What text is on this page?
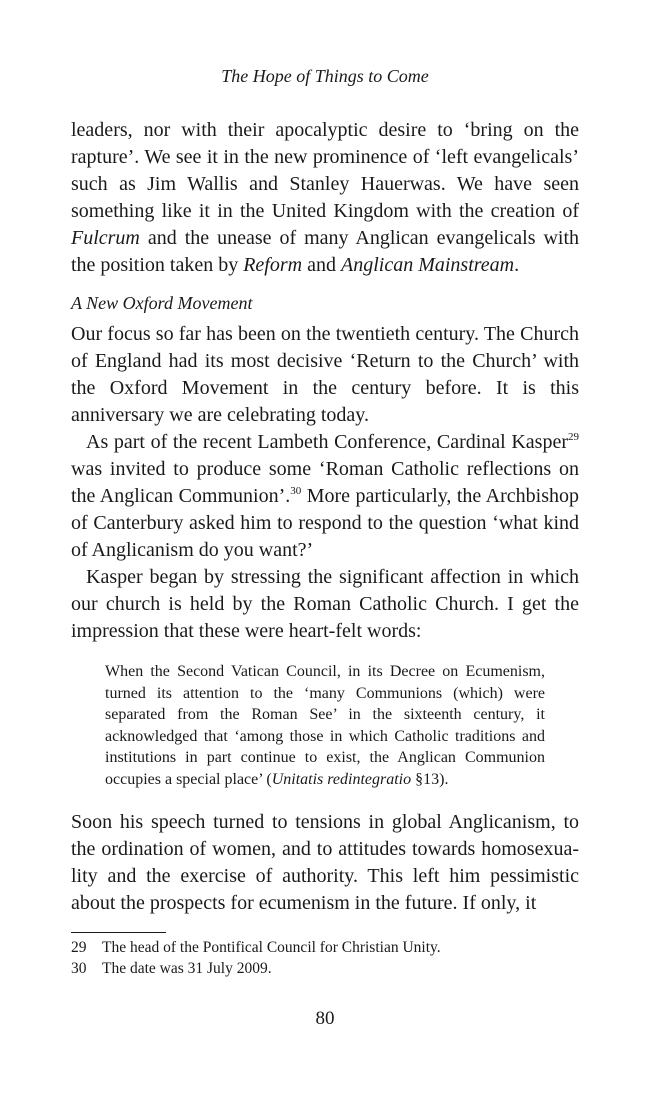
The Hope of Things to Come

leaders, nor with their apocalyptic desire to ‘bring on the rapture’. We see it in the new prominence of ‘left evangelicals’ such as Jim Wallis and Stanley Hauerwas. We have seen something like it in the United Kingdom with the creation of Fulcrum and the unease of many Anglican evangelicals with the position taken by Reform and Anglican Mainstream.

A New Oxford Movement

Our focus so far has been on the twentieth century. The Church of England had its most decisive ‘Return to the Church’ with the Oxford Movement in the century before. It is this anniversary we are celebrating today.

As part of the recent Lambeth Conference, Cardinal Kasper$^{29}$ was invited to produce some ‘Roman Catholic reflections on the Anglican Communion’.$^{30}$ More particularly, the Archbishop of Canterbury asked him to respond to the question ‘what kind of Anglicanism do you want?’

Kasper began by stressing the significant affection in which our church is held by the Roman Catholic Church. I get the impression that these were heart-felt words:

When the Second Vatican Council, in its Decree on Ecumenism, turned its attention to the ‘many Communions (which) were separated from the Roman See’ in the sixteenth century, it acknowledged that ‘among those in which Catholic traditions and institutions in part continue to exist, the Anglican Communion occupies a special place’ (Unitatis redintegratio §13).

Soon his speech turned to tensions in global Anglicanism, to the ordination of women, and to attitudes towards homosexuality and the exercise of authority. This left him pessimistic about the prospects for ecumenism in the future. If only, it

29	The head of the Pontifical Council for Christian Unity.
30	The date was 31 July 2009.
80
